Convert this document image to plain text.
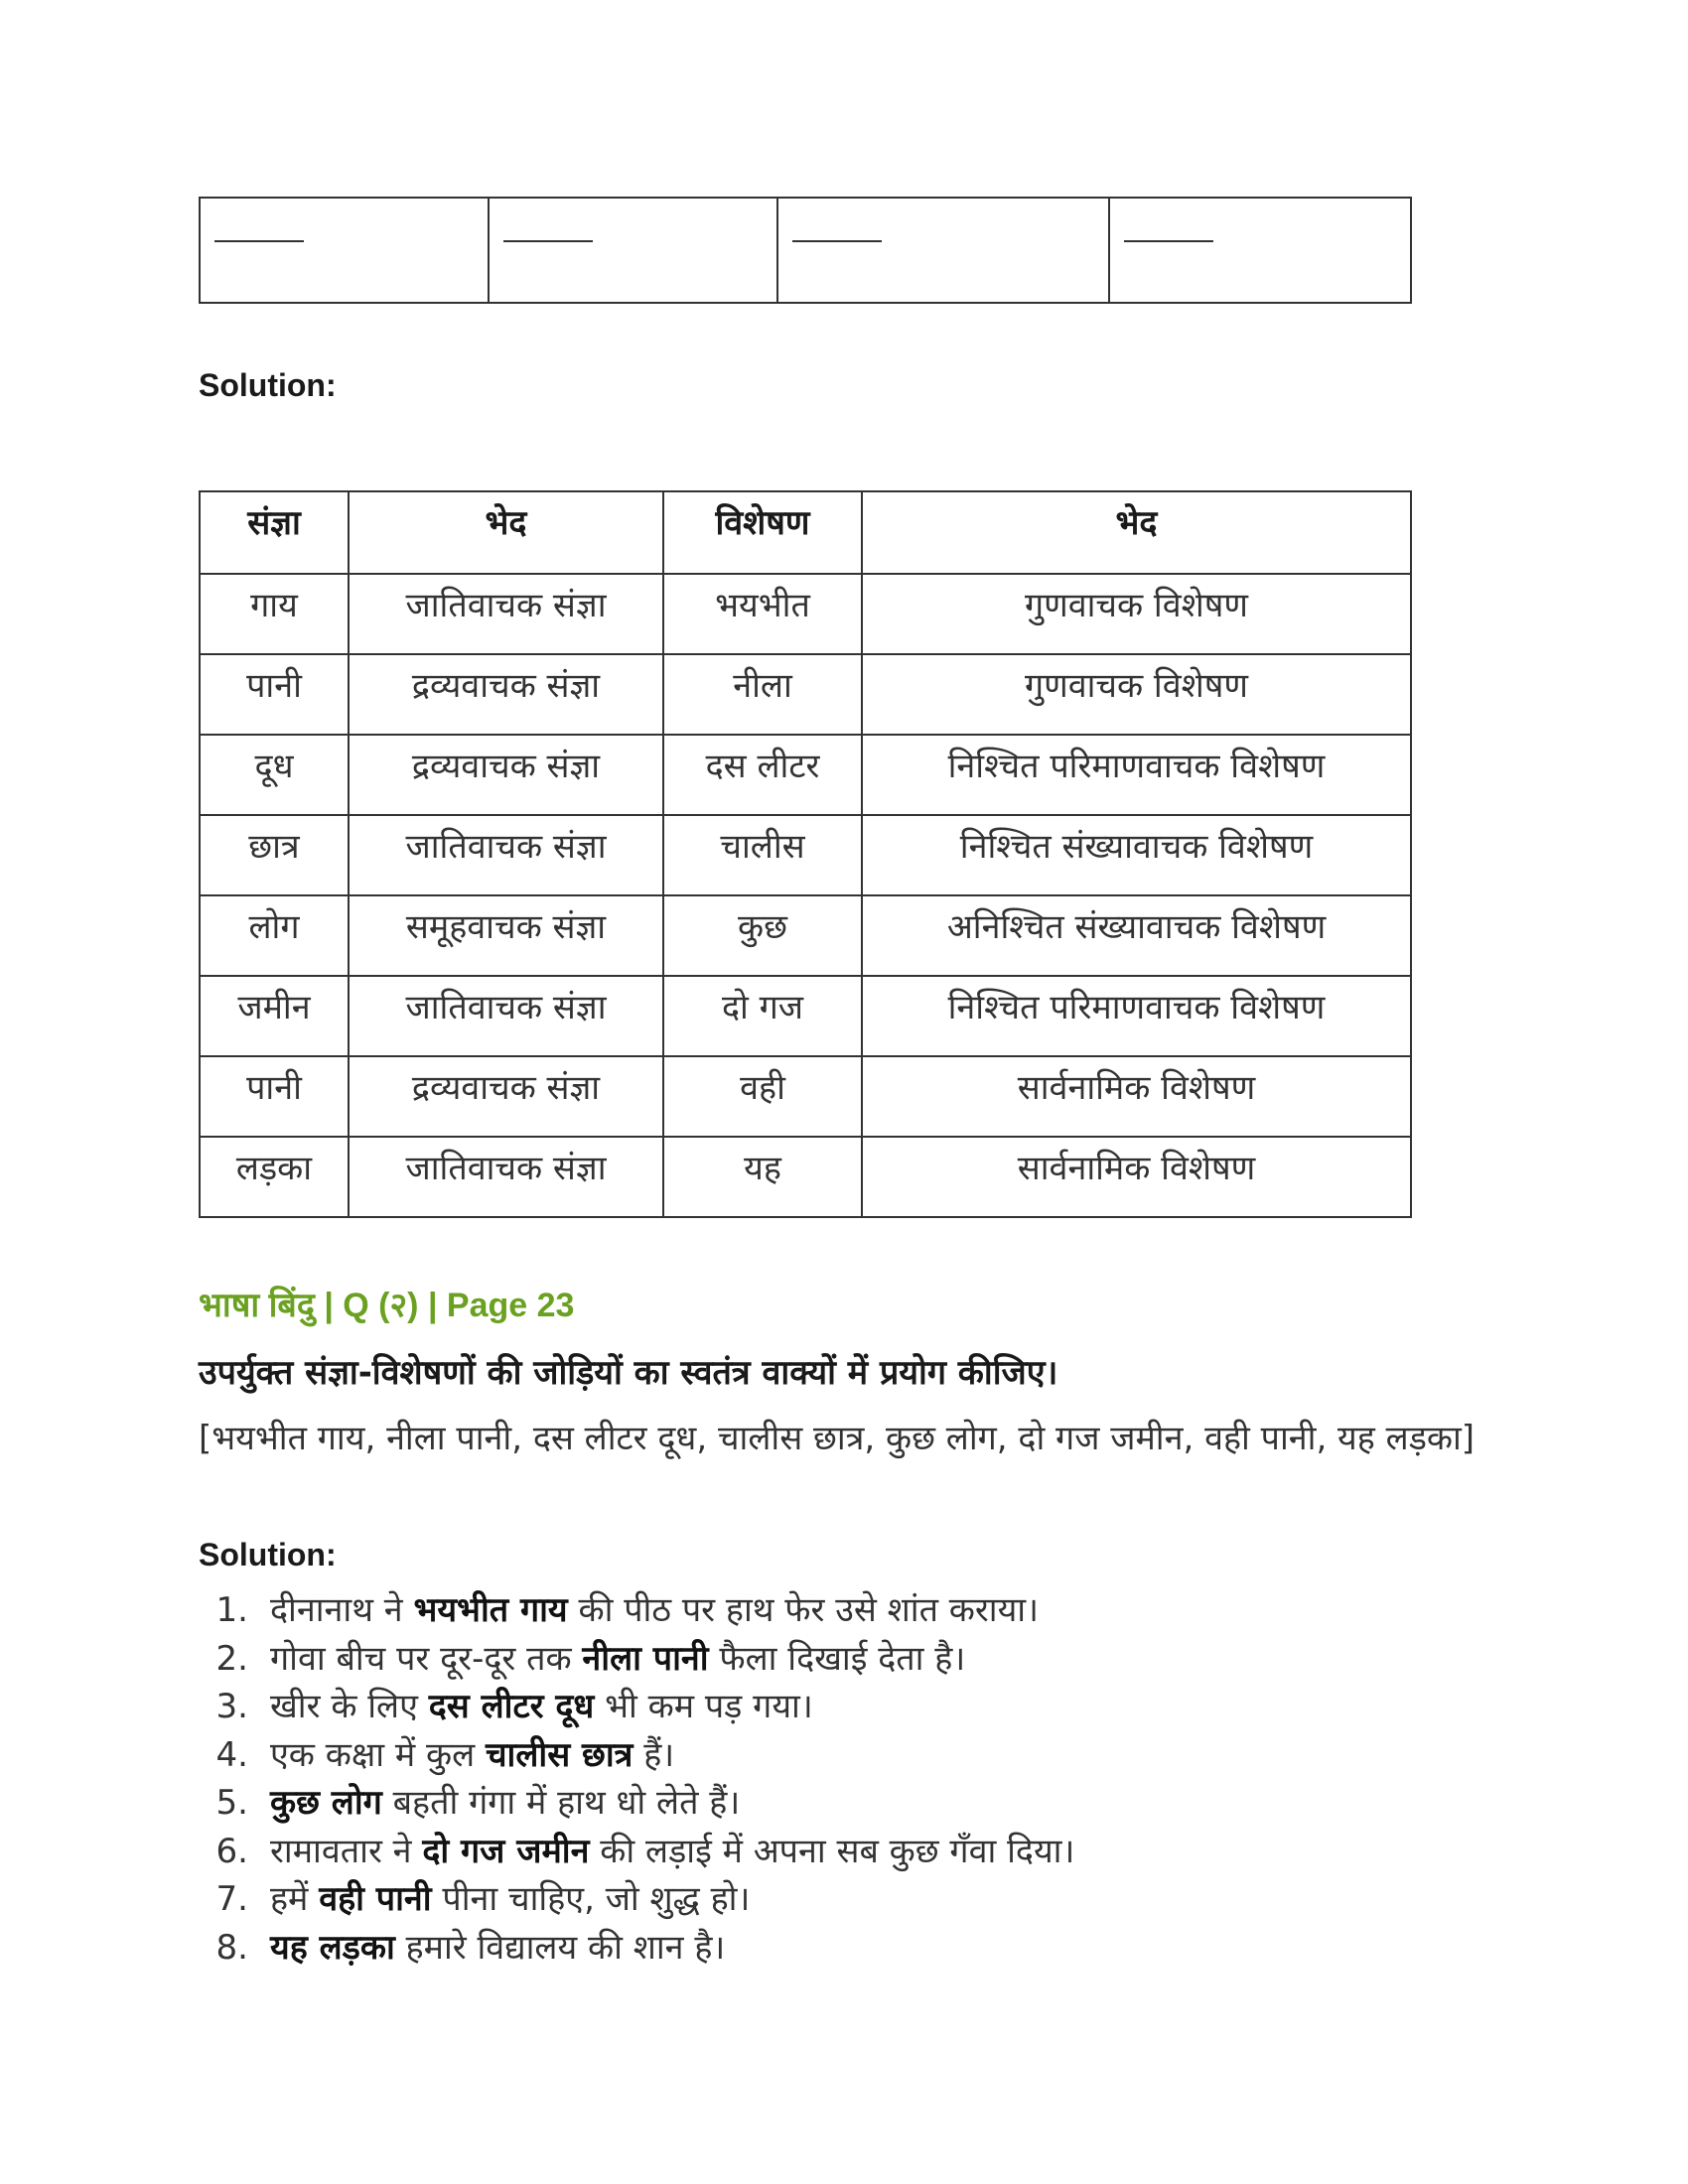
Solution:
संज्ञा	भेद	विशेषण	भेद
गाय	जातिवाचक संज्ञा	भयभीत	गुणवाचक विशेषण
पानी	द्रव्यवाचक संज्ञा	नीला	गुणवाचक विशेषण
दूध	द्रव्यवाचक संज्ञा	दस लीटर	निश्चित परिमाणवाचक विशेषण
छात्र	जातिवाचक संज्ञा	चालीस	निश्चित संख्यावाचक विशेषण
लोग	समूहवाचक संज्ञा	कुछ	अनिश्चित संख्यावाचक विशेषण
जमीन	जातिवाचक संज्ञा	दो गज	निश्चित परिमाणवाचक विशेषण
पानी	द्रव्यवाचक संज्ञा	वही	सार्वनामिक विशेषण
लड़का	जातिवाचक संज्ञा	यह	सार्वनामिक विशेषण
भाषा बिंदु | Q (२) | Page 23
उपर्युक्त संज्ञा-विशेषणों की जोड़ियों का स्वतंत्र वाक्यों में प्रयोग कीजिए।
[भयभीत गाय, नीला पानी, दस लीटर दूध, चालीस छात्र, कुछ लोग, दो गज जमीन, वही पानी, यह लड़का]
Solution:
1. दीनानाथ ने भयभीत गाय की पीठ पर हाथ फेर उसे शांत कराया।
2. गोवा बीच पर दूर-दूर तक नीला पानी फैला दिखाई देता है।
3. खीर के लिए दस लीटर दूध भी कम पड़ गया।
4. एक कक्षा में कुल चालीस छात्र हैं।
5. कुछ लोग बहती गंगा में हाथ धो लेते हैं।
6. रामावतार ने दो गज जमीन की लड़ाई में अपना सब कुछ गँवा दिया।
7. हमें वही पानी पीना चाहिए, जो शुद्ध हो।
8. यह लड़का हमारे विद्यालय की शान है।
